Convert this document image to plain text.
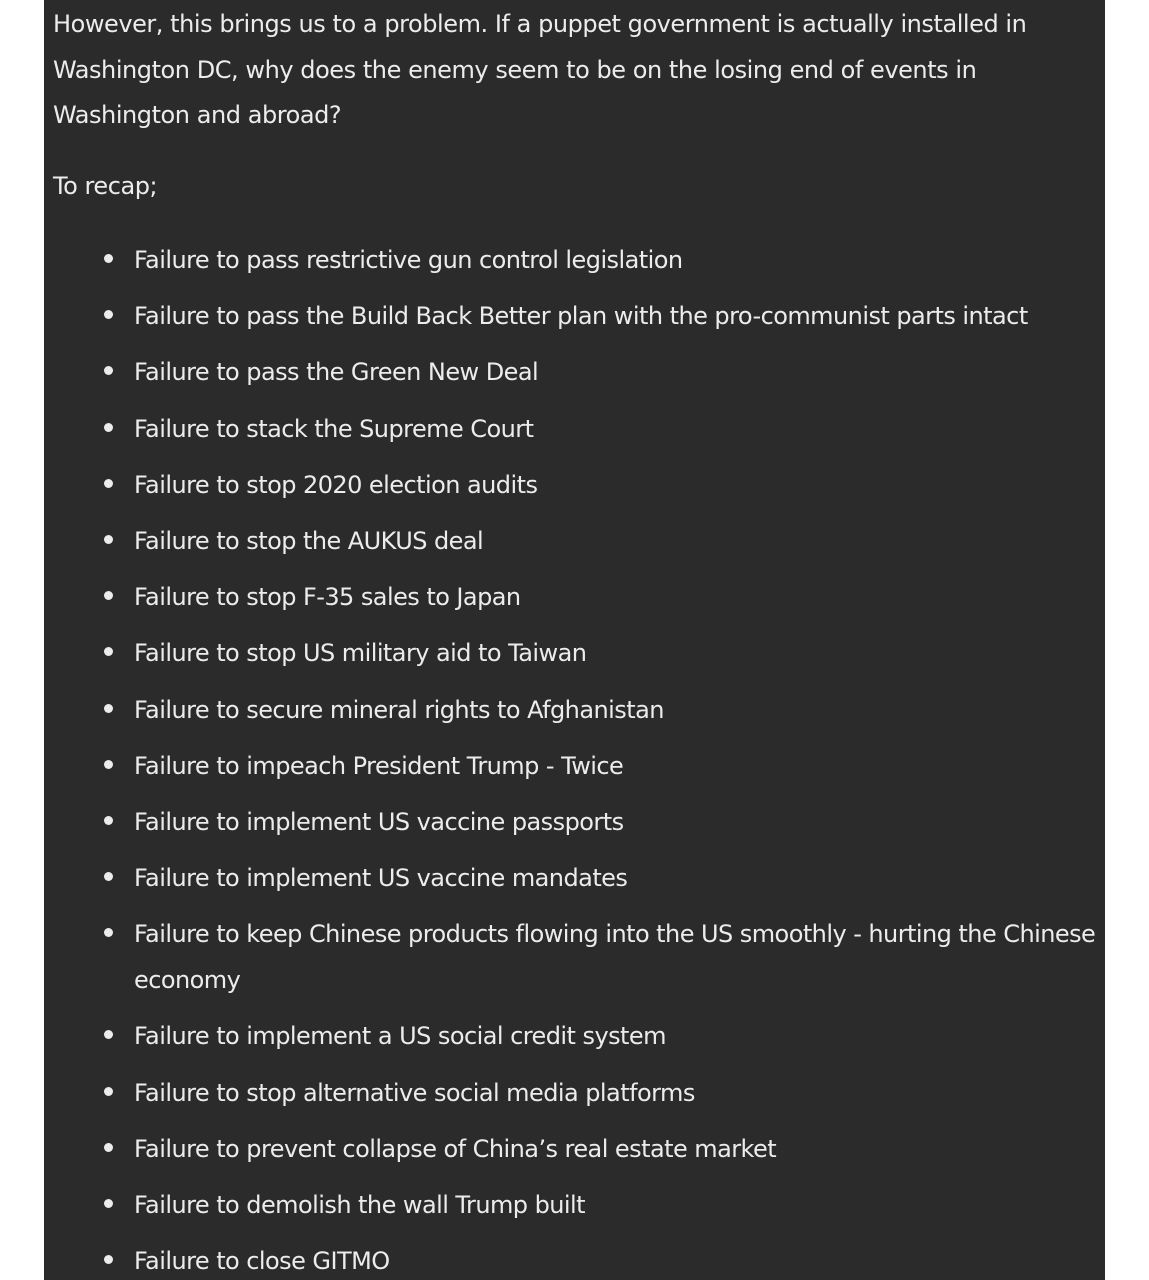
However, this brings us to a problem. If a puppet government is actually installed in Washington DC, why does the enemy seem to be on the losing end of events in Washington and abroad?

To recap;

Failure to pass restrictive gun control legislation
Failure to pass the Build Back Better plan with the pro-communist parts intact
Failure to pass the Green New Deal
Failure to stack the Supreme Court
Failure to stop 2020 election audits
Failure to stop the AUKUS deal
Failure to stop F-35 sales to Japan
Failure to stop US military aid to Taiwan
Failure to secure mineral rights to Afghanistan
Failure to impeach President Trump - Twice
Failure to implement US vaccine passports
Failure to implement US vaccine mandates
Failure to keep Chinese products flowing into the US smoothly - hurting the Chinese economy
Failure to implement a US social credit system
Failure to stop alternative social media platforms
Failure to prevent collapse of China’s real estate market
Failure to demolish the wall Trump built
Failure to close GITMO
